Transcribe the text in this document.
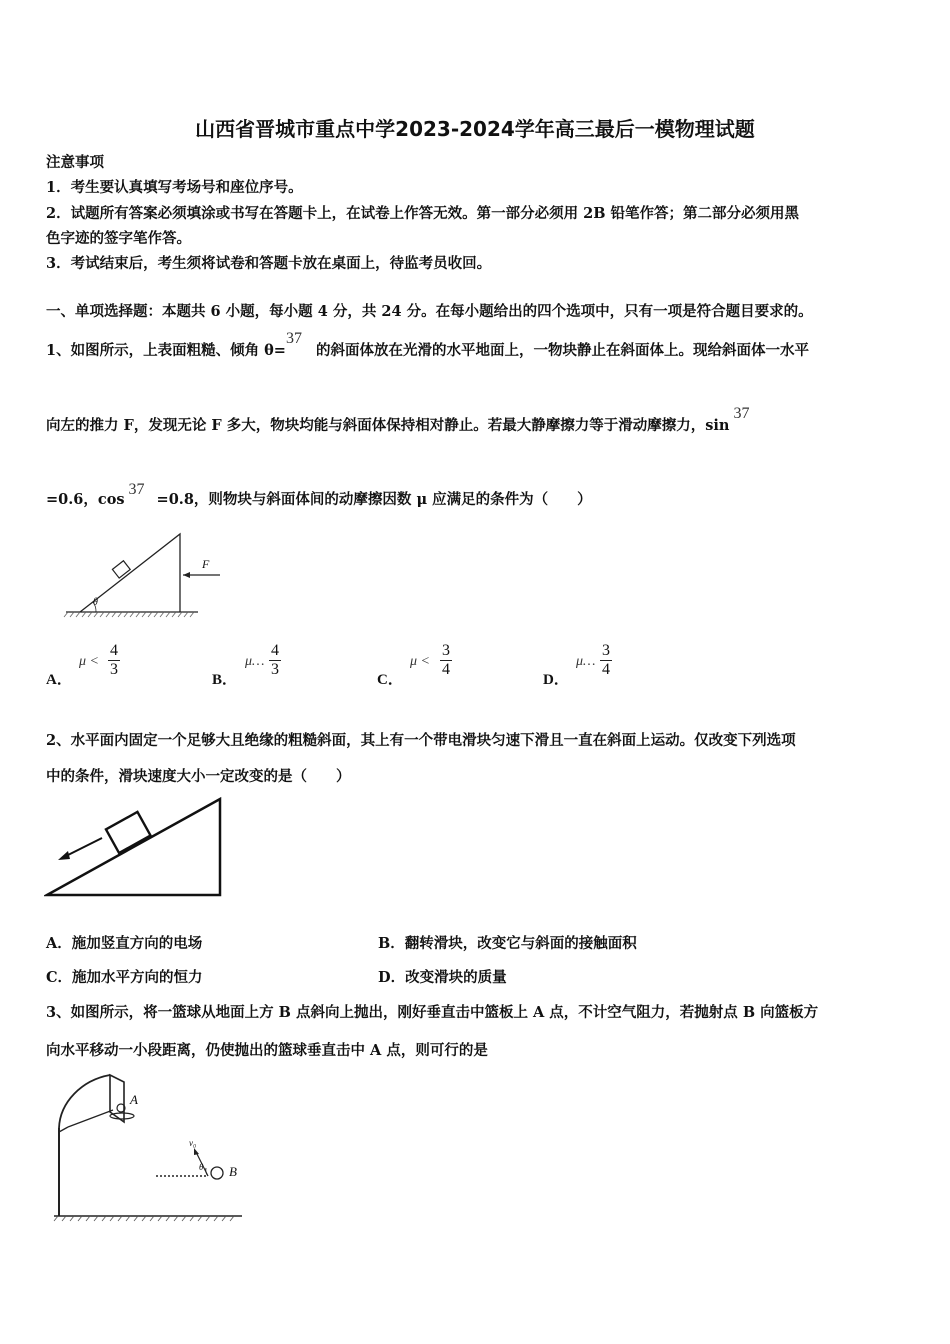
山西省晋城市重点中学2023-2024学年高三最后一模物理试题
注意事项
1．考生要认真填写考场号和座位序号。
2．试题所有答案必须填涂或书写在答题卡上，在试卷上作答无效。第一部分必须用 2B 铅笔作答；第二部分必须用黑
色字迹的签字笔作答。
3．考试结束后，考生须将试卷和答题卡放在桌面上，待监考员收回。
一、单项选择题：本题共 6 小题，每小题 4 分，共 24 分。在每小题给出的四个选项中，只有一项是符合题目要求的。
1、如图所示，上表面粗糙、倾角 θ=37的斜面体放在光滑的水平地面上，一物块静止在斜面体上。现给斜面体一水平
向左的推力 F，发现无论 F 多大，物块均能与斜面体保持相对静止。若最大静摩擦力等于滑动摩擦力，sin37
=0.6，cos37=0.8，则物块与斜面体间的动摩擦因数 μ 应满足的条件为（　　）
F
θ
A．
μ <
4
3
B．
μ…
4
3
C．
μ <
3
4
D．
μ…
3
4
2、水平面内固定一个足够大且绝缘的粗糙斜面，其上有一个带电滑块匀速下滑且一直在斜面上运动。仅改变下列选项
中的条件，滑块速度大小一定改变的是（　　）
A．施加竖直方向的电场	B．翻转滑块，改变它与斜面的接触面积
C．施加水平方向的恒力	D．改变滑块的质量
3、如图所示，将一篮球从地面上方 B 点斜向上抛出，刚好垂直击中篮板上 A 点，不计空气阻力，若抛射点 B 向篮板方
向水平移动一小段距离，仍使抛出的篮球垂直击中 A 点，则可行的是
A
B
v₀
θ
